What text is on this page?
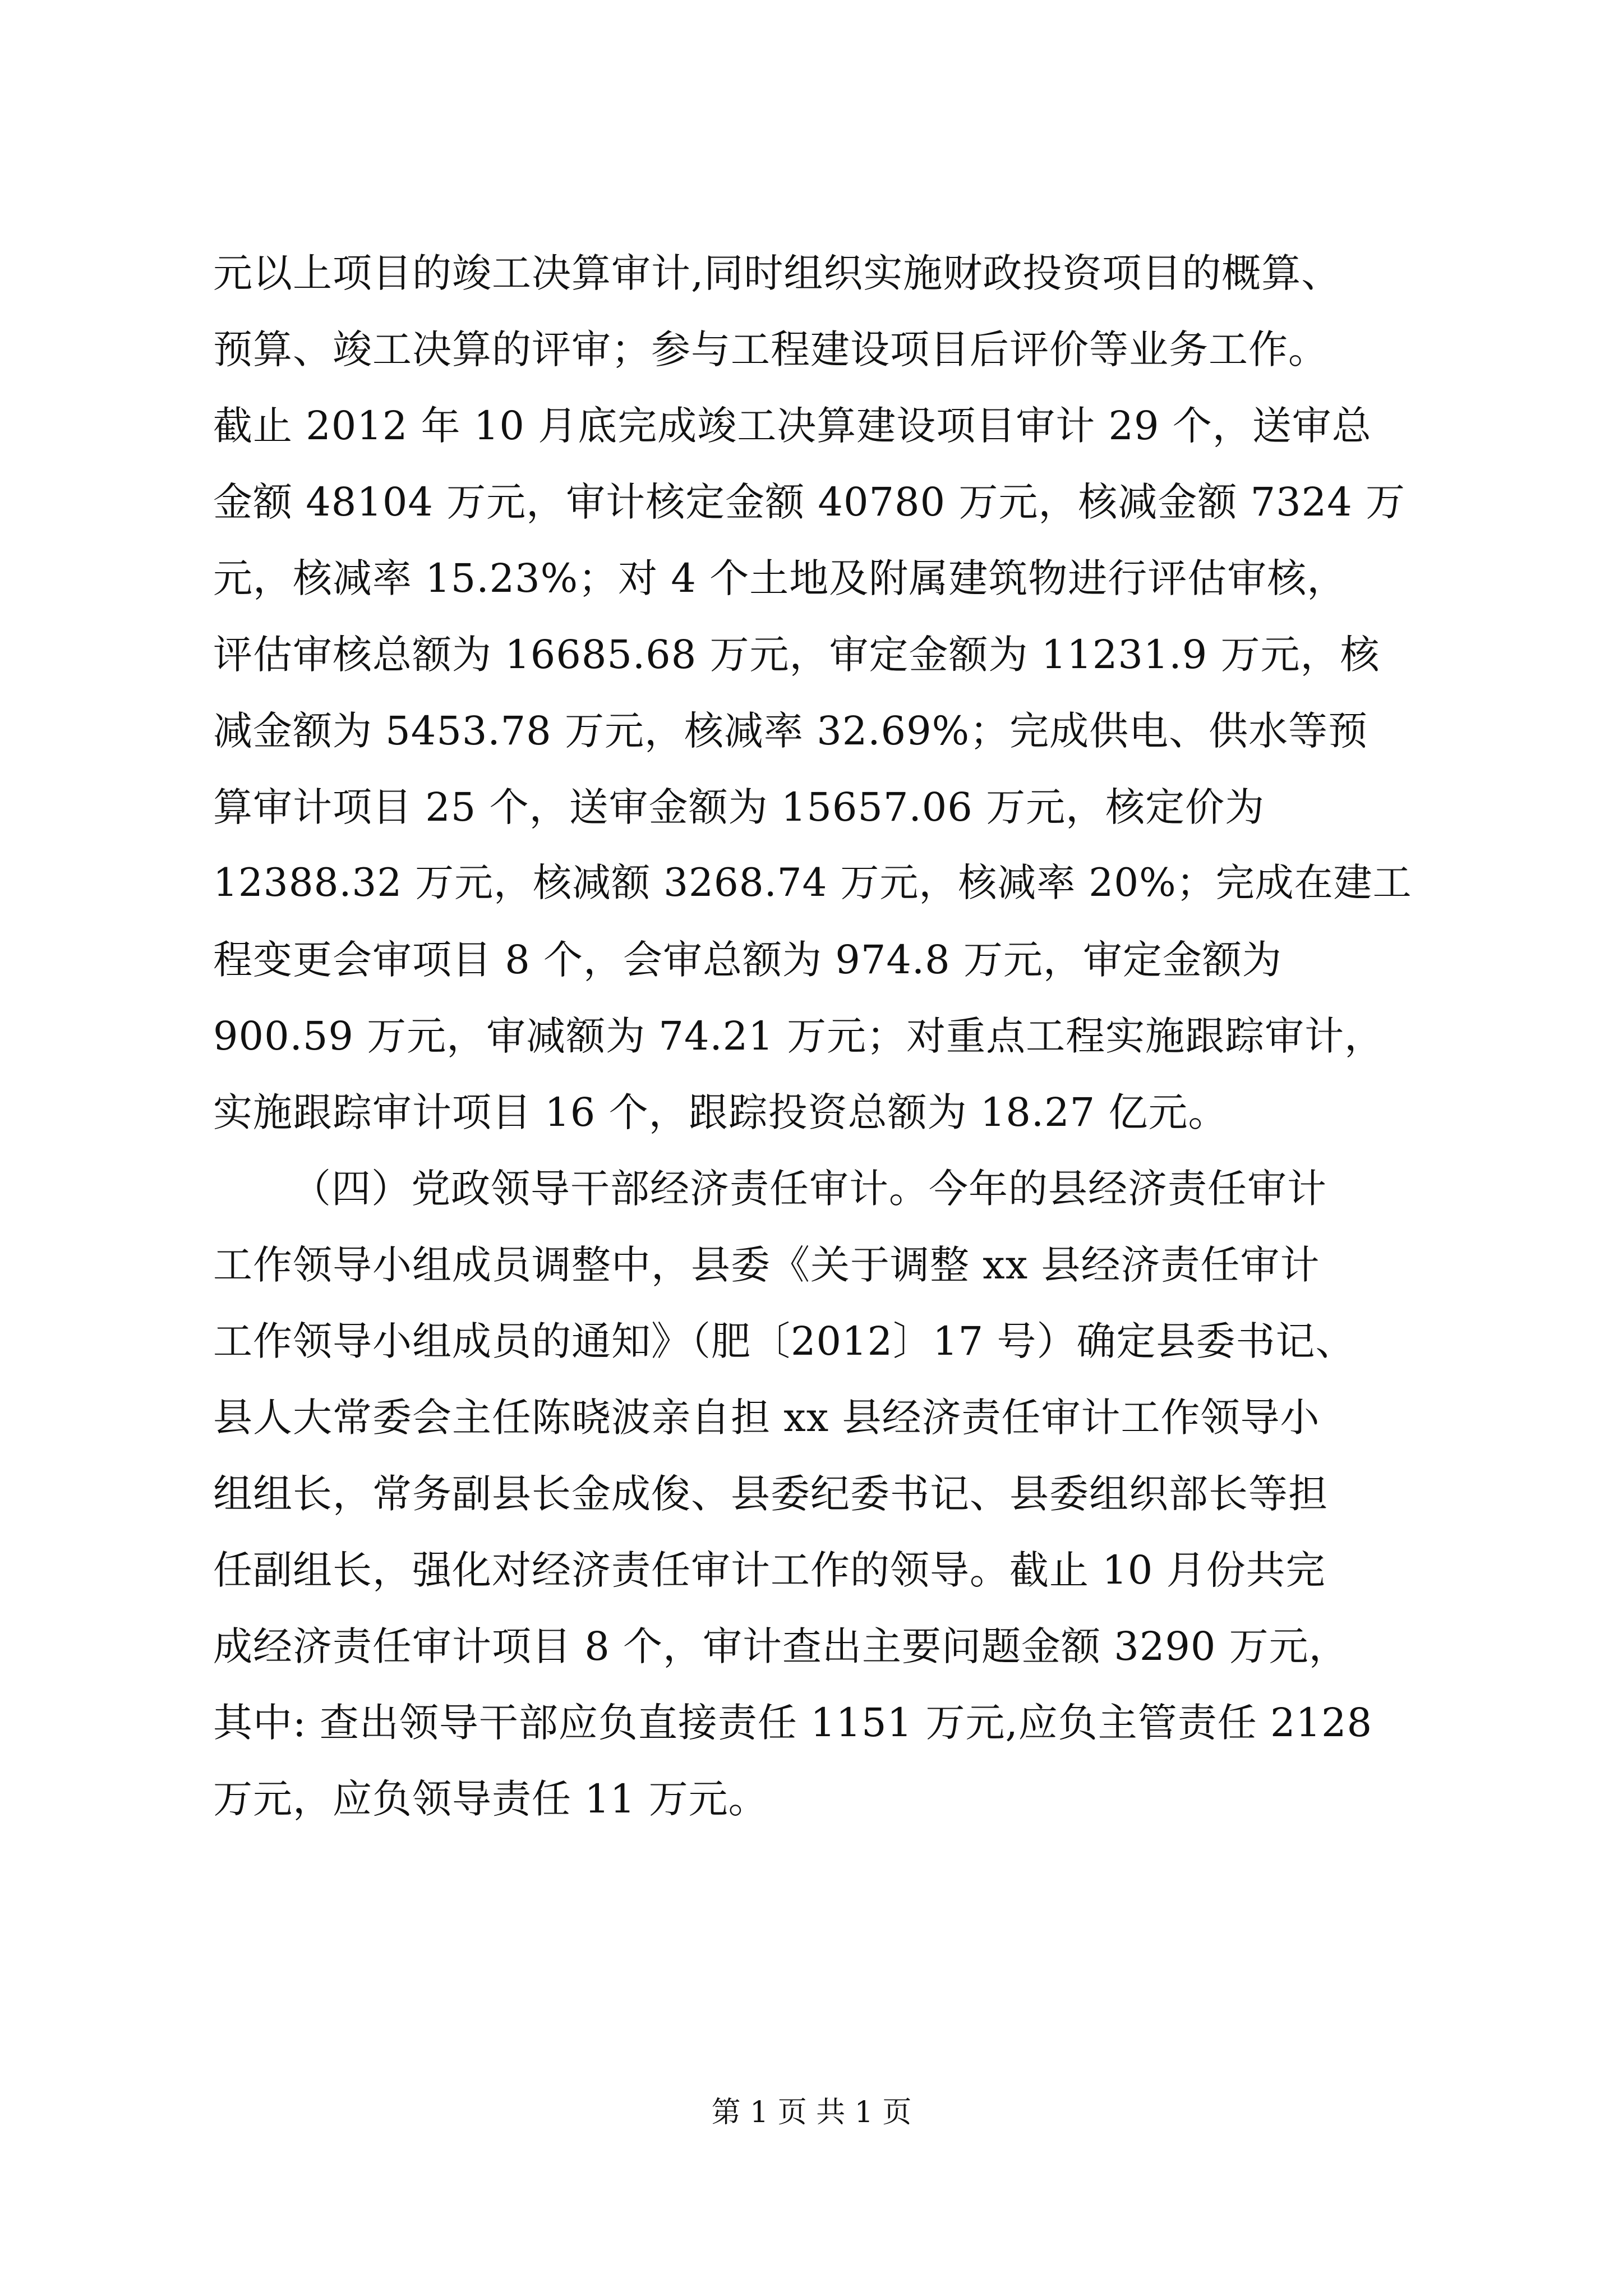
元以上项目的竣工决算审计,同时组织实施财政投资项目的概算、
预算、竣工决算的评审；参与工程建设项目后评价等业务工作。
截止 2012 年 10 月底完成竣工决算建设项目审计 29 个，送审总
金额 48104 万元，审计核定金额 40780 万元，核减金额 7324 万
元，核减率 15.23%；对 4 个土地及附属建筑物进行评估审核，
评估审核总额为 16685.68 万元，审定金额为 11231.9 万元，核
减金额为 5453.78 万元，核减率 32.69%；完成供电、供水等预
算审计项目 25 个，送审金额为 15657.06 万元，核定价为
12388.32 万元，核减额 3268.74 万元，核减率 20%；完成在建工
程变更会审项目 8 个，会审总额为 974.8 万元，审定金额为
900.59 万元，审减额为 74.21 万元；对重点工程实施跟踪审计，
实施跟踪审计项目 16 个，跟踪投资总额为 18.27 亿元。
（四）党政领导干部经济责任审计。今年的县经济责任审计
工作领导小组成员调整中，县委《关于调整 xx 县经济责任审计
工作领导小组成员的通知》（肥〔2012〕17 号）确定县委书记、
县人大常委会主任陈晓波亲自担 xx 县经济责任审计工作领导小
组组长，常务副县长金成俊、县委纪委书记、县委组织部长等担
任副组长，强化对经济责任审计工作的领导。截止 10 月份共完
成经济责任审计项目 8 个，审计查出主要问题金额 3290 万元，
其中: 查出领导干部应负直接责任 1151 万元,应负主管责任 2128
万元，应负领导责任 11 万元。
第 1 页 共 1 页
